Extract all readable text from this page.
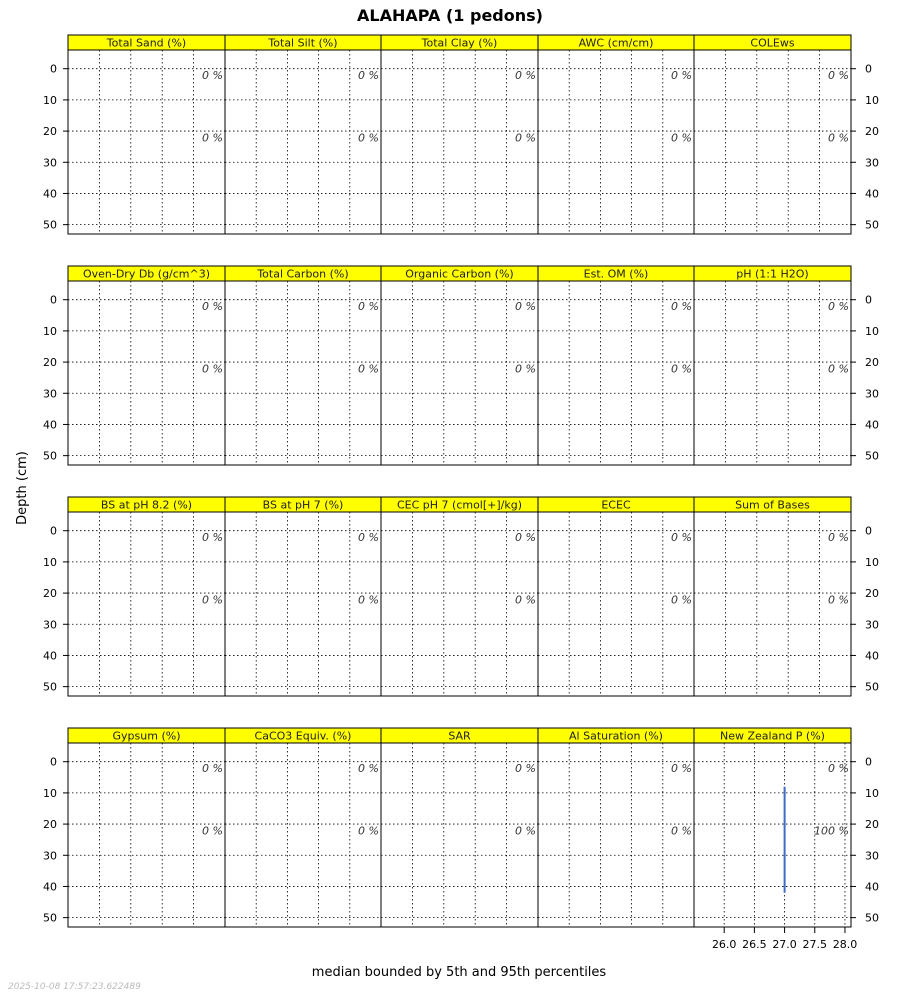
ALAHAPA (1 pedons)
Depth (cm)
median bounded by 5th and 95th percentiles
2025-10-08 17:57:23.622489
Total Sand (%)
0 %
0 %
0
10
20
30
40
50
Total Silt (%)
0 %
0 %
Total Clay (%)
0 %
0 %
AWC (cm/cm)
0 %
0 %
COLEws
0 %
0 %
0
10
20
30
40
50
Oven-Dry Db (g/cm^3)
0 %
0 %
0
10
20
30
40
50
Total Carbon (%)
0 %
0 %
Organic Carbon (%)
0 %
0 %
Est. OM (%)
0 %
0 %
pH (1:1 H2O)
0 %
0 %
0
10
20
30
40
50
BS at pH 8.2 (%)
0 %
0 %
0
10
20
30
40
50
BS at pH 7 (%)
0 %
0 %
CEC pH 7 (cmol[+]/kg)
0 %
0 %
ECEC
0 %
0 %
Sum of Bases
0 %
0 %
0
10
20
30
40
50
Gypsum (%)
0 %
0 %
0
10
20
30
40
50
CaCO3 Equiv. (%)
0 %
0 %
SAR
0 %
0 %
Al Saturation (%)
0 %
0 %
New Zealand P (%)
0 %
100 %
0
10
20
30
40
50
26.0 26.5 27.0 27.5 28.0
